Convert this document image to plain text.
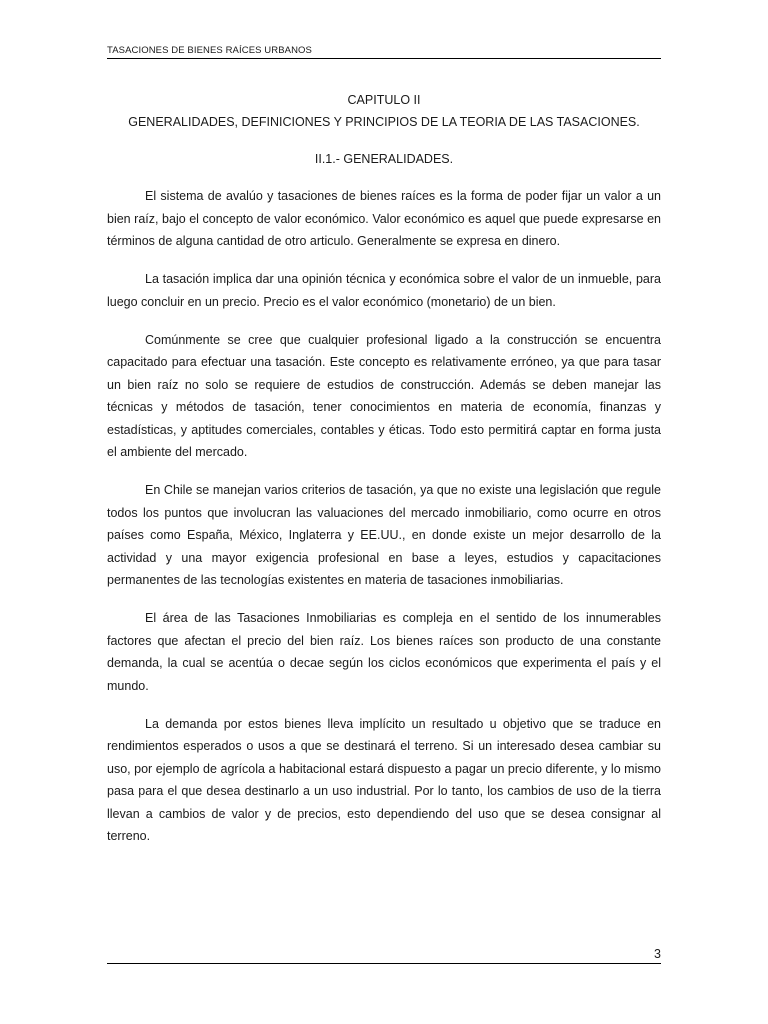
TASACIONES DE BIENES RAÍCES URBANOS
CAPITULO II
GENERALIDADES, DEFINICIONES Y PRINCIPIOS DE LA TEORIA DE LAS TASACIONES.
II.1.- GENERALIDADES.

El sistema de avalúo y tasaciones de bienes raíces es la forma de poder fijar un valor a un bien raíz, bajo el concepto de valor económico. Valor económico es aquel que puede expresarse en términos de alguna cantidad de otro articulo. Generalmente se expresa en dinero.

La tasación implica dar una opinión técnica y económica sobre el valor de un inmueble, para luego concluir en un precio. Precio es el valor económico (monetario) de un bien.

Comúnmente se cree que cualquier profesional ligado a la construcción se encuentra capacitado para efectuar una tasación. Este concepto es relativamente erróneo, ya que para tasar un bien raíz no solo se requiere de estudios de construcción. Además se deben manejar las técnicas y métodos de tasación, tener conocimientos en materia de economía, finanzas y estadísticas, y aptitudes comerciales, contables y éticas. Todo esto permitirá captar en forma justa el ambiente del mercado.

En Chile se manejan varios criterios de tasación, ya que no existe una legislación que regule todos los puntos que involucran las valuaciones del mercado inmobiliario, como ocurre en otros países como España, México, Inglaterra y EE.UU., en donde existe un mejor desarrollo de la actividad y una mayor exigencia profesional en base a leyes, estudios y capacitaciones permanentes de las tecnologías existentes en materia de tasaciones inmobiliarias.

El área de las Tasaciones Inmobiliarias es compleja en el sentido de los innumerables factores que afectan el precio del bien raíz. Los bienes raíces son producto de una constante demanda, la cual se acentúa o decae según los ciclos económicos que experimenta el país y el mundo.

La demanda por estos bienes lleva implícito un resultado u objetivo que se traduce en rendimientos esperados o usos a que se destinará el terreno. Si un interesado desea cambiar su uso, por ejemplo de agrícola a habitacional estará dispuesto a pagar un precio diferente, y lo mismo pasa para el que desea destinarlo a un uso industrial. Por lo tanto, los cambios de uso de la tierra llevan a cambios de valor y de precios, esto dependiendo del uso que se desea consignar al terreno.

3
